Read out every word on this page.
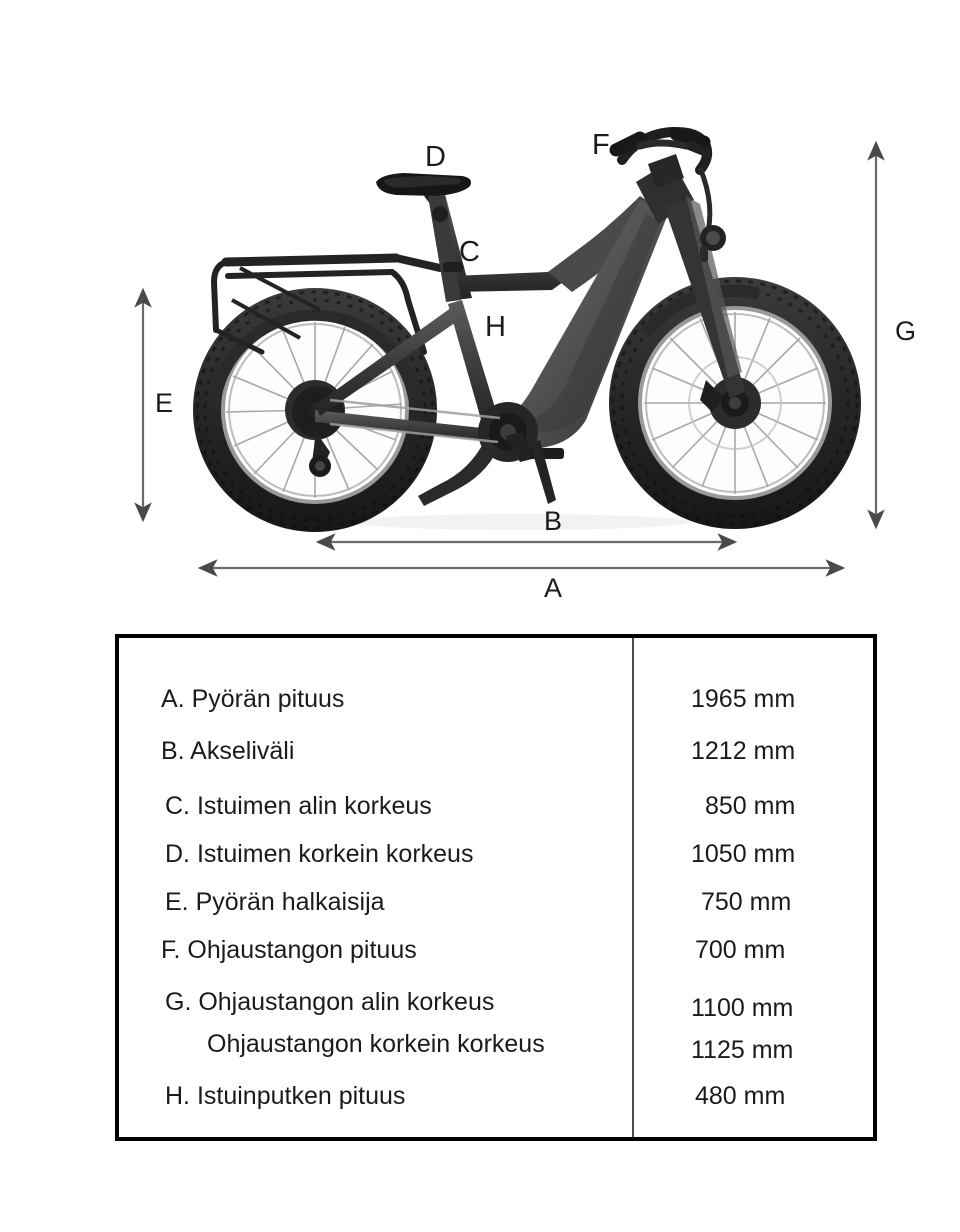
D
C
F
H
E
G
B
A
A. Pyörän pituus	1965 mm
B. Akseliväli	1212 mm
C. Istuimen alin korkeus	850 mm
D. Istuimen korkein korkeus	1050 mm
E. Pyörän halkaisija	750 mm
F. Ohjaustangon pituus	700 mm
G. Ohjaustangon alin korkeus	1100 mm
Ohjaustangon korkein korkeus	1125 mm
H. Istuinputken pituus	480 mm
